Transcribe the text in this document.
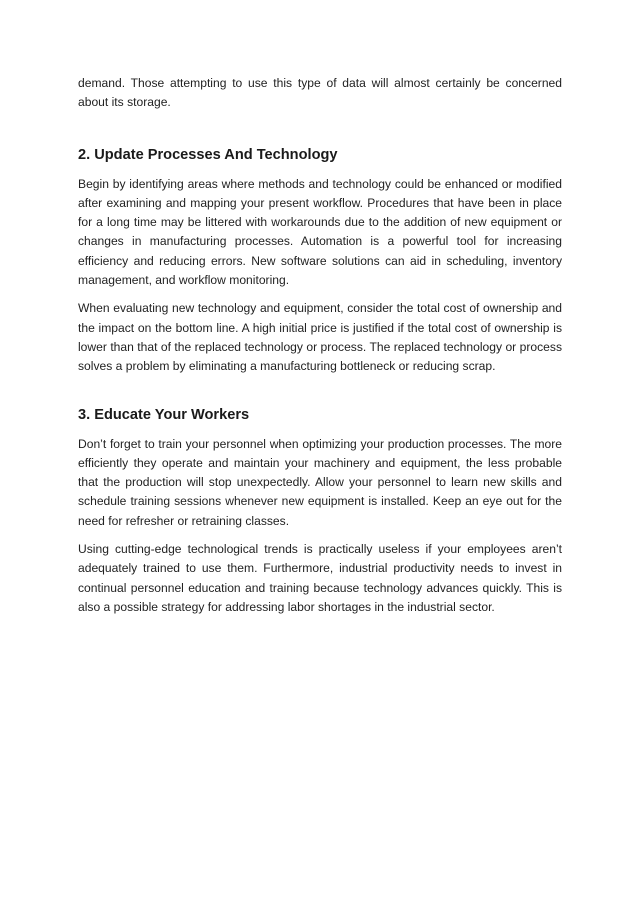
demand. Those attempting to use this type of data will almost certainly be concerned about its storage.

2. Update Processes And Technology

Begin by identifying areas where methods and technology could be enhanced or modified after examining and mapping your present workflow. Procedures that have been in place for a long time may be littered with workarounds due to the addition of new equipment or changes in manufacturing processes. Automation is a powerful tool for increasing efficiency and reducing errors. New software solutions can aid in scheduling, inventory management, and workflow monitoring.

When evaluating new technology and equipment, consider the total cost of ownership and the impact on the bottom line. A high initial price is justified if the total cost of ownership is lower than that of the replaced technology or process. The replaced technology or process solves a problem by eliminating a manufacturing bottleneck or reducing scrap.

3. Educate Your Workers

Don’t forget to train your personnel when optimizing your production processes. The more efficiently they operate and maintain your machinery and equipment, the less probable that the production will stop unexpectedly. Allow your personnel to learn new skills and schedule training sessions whenever new equipment is installed. Keep an eye out for the need for refresher or retraining classes.

Using cutting-edge technological trends is practically useless if your employees aren’t adequately trained to use them. Furthermore, industrial productivity needs to invest in continual personnel education and training because technology advances quickly. This is also a possible strategy for addressing labor shortages in the industrial sector.
